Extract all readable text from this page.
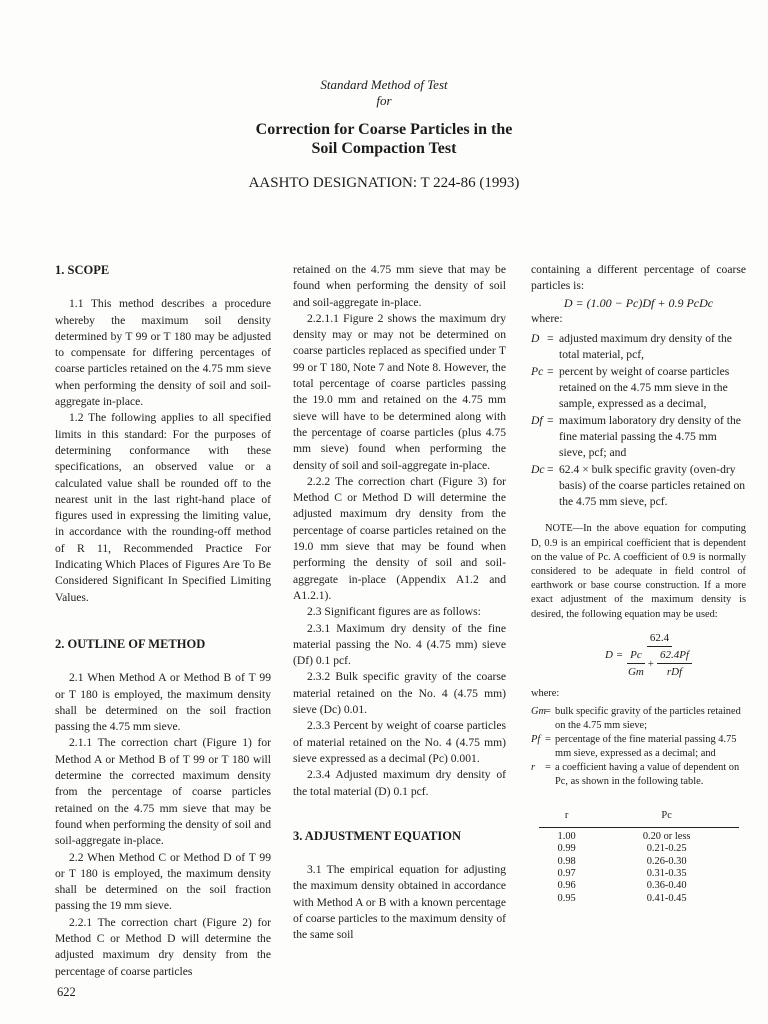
Standard Method of Test
for
Correction for Coarse Particles in the
Soil Compaction Test
AASHTO DESIGNATION: T 224-86 (1993)

1. SCOPE

1.1 This method describes a procedure whereby the maximum soil density determined by T 99 or T 180 may be adjusted to compensate for differing percentages of coarse particles retained on the 4.75 mm sieve when performing the density of soil and soil-aggregate in-place.

1.2 The following applies to all specified limits in this standard: For the purposes of determining conformance with these specifications, an observed value or a calculated value shall be rounded off to the nearest unit in the last right-hand place of figures used in expressing the limiting value, in accordance with the rounding-off method of R 11, Recommended Practice For Indicating Which Places of Figures Are To Be Considered Significant In Specified Limiting Values.

2. OUTLINE OF METHOD

2.1 When Method A or Method B of T 99 or T 180 is employed, the maximum density shall be determined on the soil fraction passing the 4.75 mm sieve.

2.1.1 The correction chart (Figure 1) for Method A or Method B of T 99 or T 180 will determine the corrected maximum density from the percentage of coarse particles retained on the 4.75 mm sieve that may be found when performing the density of soil and soil-aggregate in-place.

2.2 When Method C or Method D of T 99 or T 180 is employed, the maximum density shall be determined on the soil fraction passing the 19 mm sieve.

2.2.1 The correction chart (Figure 2) for Method C or Method D will determine the adjusted maximum dry density from the percentage of coarse particles

retained on the 4.75 mm sieve that may be found when performing the density of soil and soil-aggregate in-place.

2.2.1.1 Figure 2 shows the maximum dry density may or may not be determined on coarse particles replaced as specified under T 99 or T 180, Note 7 and Note 8. However, the total percentage of coarse particles passing the 19.0 mm and retained on the 4.75 mm sieve will have to be determined along with the percentage of coarse particles (plus 4.75 mm sieve) found when performing the density of soil and soil-aggregate in-place.

2.2.2 The correction chart (Figure 3) for Method C or Method D will determine the adjusted maximum dry density from the percentage of coarse particles retained on the 19.0 mm sieve that may be found when performing the density of soil and soil-aggregate in-place (Appendix A1.2 and A1.2.1).

2.3 Significant figures are as follows:

2.3.1 Maximum dry density of the fine material passing the No. 4 (4.75 mm) sieve (Df) 0.1 pcf.

2.3.2 Bulk specific gravity of the coarse material retained on the No. 4 (4.75 mm) sieve (Dc) 0.01.

2.3.3 Percent by weight of coarse particles of material retained on the No. 4 (4.75 mm) sieve expressed as a decimal (Pc) 0.001.

2.3.4 Adjusted maximum dry density of the total material (D) 0.1 pcf.

3. ADJUSTMENT EQUATION

3.1 The empirical equation for adjusting the maximum density obtained in accordance with Method A or B with a known percentage of coarse particles to the maximum density of the same soil

containing a different percentage of coarse particles is:

D = (1.00 − Pc)Df + 0.9 PcDc

where:

D = adjusted maximum dry density of the total material, pcf,
Pc = percent by weight of coarse particles retained on the 4.75 mm sieve in the sample, expressed as a decimal,
Df = maximum laboratory dry density of the fine material passing the 4.75 mm sieve, pcf; and
Dc = 62.4 × bulk specific gravity (oven-dry basis) of the coarse particles retained on the 4.75 mm sieve, pcf.

NOTE—In the above equation for computing D, 0.9 is an empirical coefficient that is dependent on the value of Pc. A coefficient of 0.9 is normally considered to be adequate in field control of earthwork or base course construction. If a more exact adjustment of the maximum density is desired, the following equation may be used:

D =
62.4
Pc
Gm
+
62.4Pf
rDf

where:

Gm
= bulk specific gravity of the particles retained on the 4.75 mm sieve;
Pf = percentage of the fine material passing 4.75 mm sieve, expressed as a decimal; and
r = a coefficient having a value of dependent on Pc, as shown in the following table.
r	Pc
1.00	0.20 or less
0.99	0.21-0.25
0.98	0.26-0.30
0.97	0.31-0.35
0.96	0.36-0.40
0.95	0.41-0.45
622
